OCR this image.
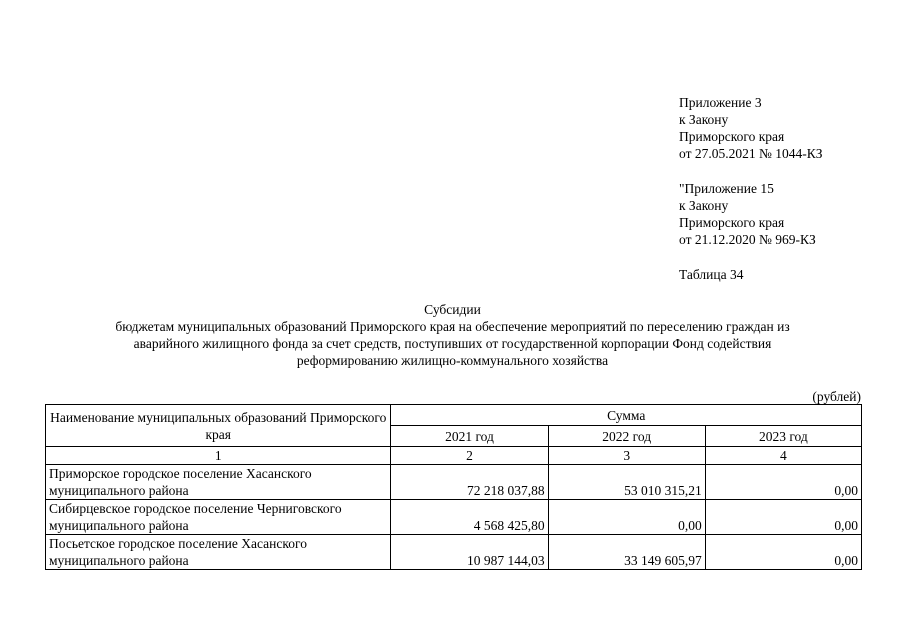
Приложение 3
к Закону
Приморского края
от 27.05.2021 № 1044-КЗ
"Приложение 15
к Закону
Приморского края
от 21.12.2020 № 969-КЗ
Таблица 34
Субсидии
бюджетам муниципальных образований Приморского края на обеспечение мероприятий по переселению граждан из
аварийного жилищного фонда за счет средств, поступивших от государственной корпорации Фонд содействия
реформированию жилищно-коммунального хозяйства
(рублей)
Наименование муниципальных образований Приморского края	Сумма		
	2021 год	2022 год	2023 год
1	2	3	4
Приморское городское поселение Хасанского муниципального района	72 218 037,88	53 010 315,21	0,00
Сибирцевское городское поселение Черниговского муниципального района	4 568 425,80	0,00	0,00
Посьетское городское поселение Хасанского муниципального района	10 987 144,03	33 149 605,97	0,00
